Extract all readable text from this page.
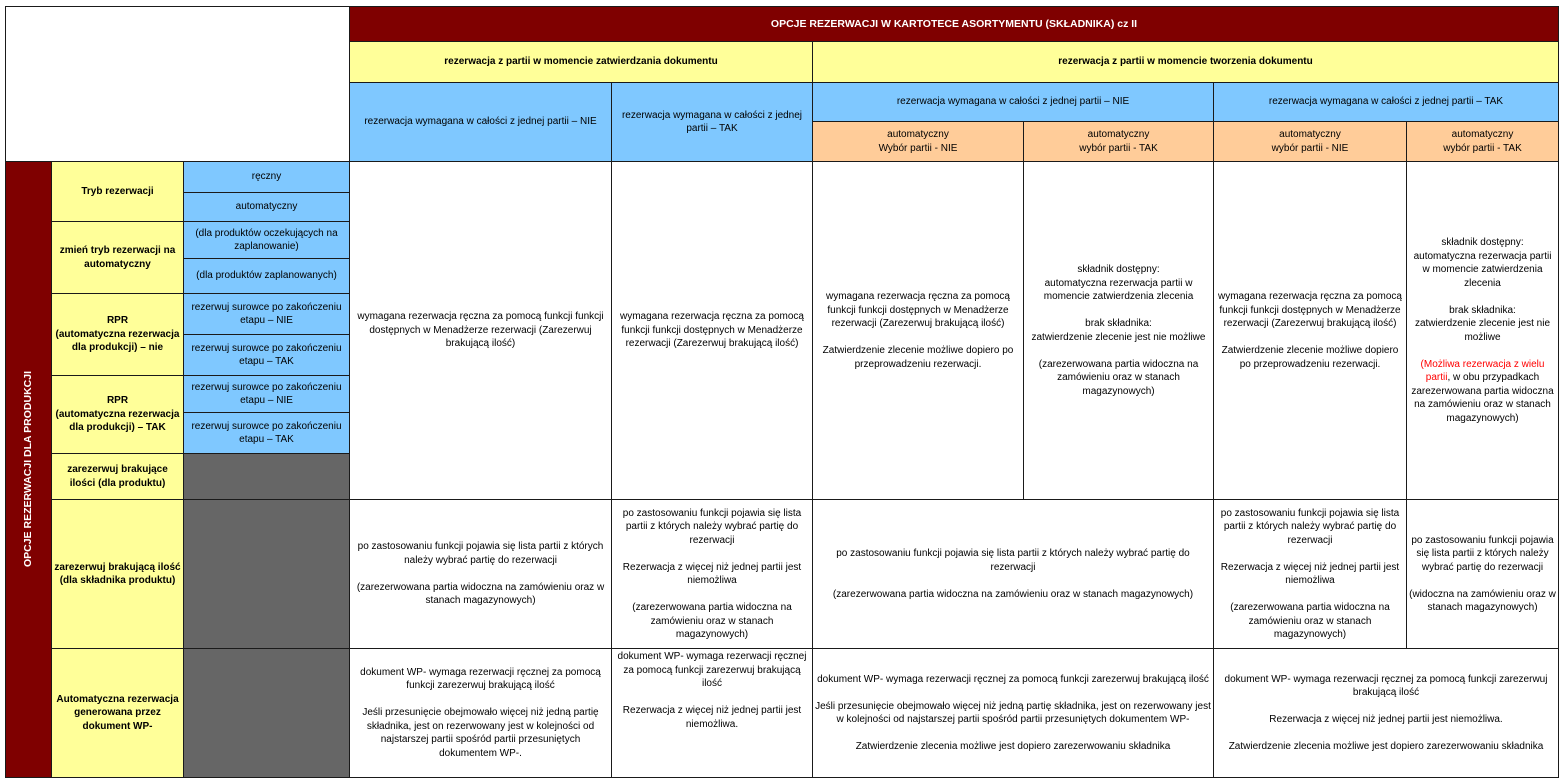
OPCJE REZERWACJI W KARTOTECE ASORTYMENTU (SKŁADNIKA) cz II
rezerwacja z partii w momencie zatwierdzania dokumentu	rezerwacja z partii w momencie tworzenia dokumentu
rezerwacja wymagana w całości z jednej partii – NIE
rezerwacja wymagana w całości z jednej partii – TAK
rezerwacja wymagana w całości z jednej partii – NIE	rezerwacja wymagana w całości z jednej partii – TAK
automatyczny
Wybór partii - NIE
automatyczny
wybór partii - TAK
automatyczny
wybór partii - NIE
automatyczny
wybór partii - TAK
OPCJE REZERWACJI DLA PRODUKCJI
Tryb rezerwacji
zmień tryb rezerwacji na automatyczny
RPR
(automatyczna rezerwacja dla produkcji) – nie
RPR
(automatyczna rezerwacja dla produkcji) – TAK
zarezerwuj brakujące ilości (dla produktu)
zarezerwuj brakującą ilość (dla składnika produktu)
Automatyczna rezerwacja generowana przez dokument WP-
ręczny
automatyczny
(dla produktów oczekujących na zaplanowanie)
(dla produktów zaplanowanych)
rezerwuj surowce po zakończeniu etapu – NIE
rezerwuj surowce po zakończeniu etapu – TAK
rezerwuj surowce po zakończeniu etapu – NIE
rezerwuj surowce po zakończeniu etapu – TAK
wymagana rezerwacja ręczna za pomocą funkcji funkcji dostępnych w Menadżerze rezerwacji (Zarezerwuj brakującą ilość)
wymagana rezerwacja ręczna za pomocą funkcji funkcji dostępnych w Menadżerze rezerwacji (Zarezerwuj brakującą ilość)
wymagana rezerwacja ręczna za pomocą funkcji funkcji dostępnych w Menadżerze rezerwacji (Zarezerwuj brakującą ilość)

Zatwierdzenie zlecenie możliwe dopiero po przeprowadzeniu rezerwacji.
składnik dostępny:
automatyczna rezerwacja partii w momencie zatwierdzenia zlecenia

brak składnika:
zatwierdzenie zlecenie jest nie możliwe

(zarezerwowana partia widoczna na zamówieniu oraz w stanach magazynowych)
wymagana rezerwacja ręczna za pomocą funkcji funkcji dostępnych w Menadżerze rezerwacji (Zarezerwuj brakującą ilość)

Zatwierdzenie zlecenie możliwe dopiero po przeprowadzeniu rezerwacji.
składnik dostępny:
automatyczna rezerwacja partii w momencie zatwierdzenia zlecenia

brak składnika:
zatwierdzenie zlecenie jest nie możliwe

(Możliwa rezerwacja z wielu partii, w obu przypadkach zarezerwowana partia widoczna na zamówieniu oraz w stanach magazynowych)
po zastosowaniu funkcji pojawia się lista partii z których należy wybrać partię do rezerwacji

(zarezerwowana partia widoczna na zamówieniu oraz w stanach magazynowych)
po zastosowaniu funkcji pojawia się lista partii z których należy wybrać partię do rezerwacji

Rezerwacja z więcej niż jednej partii jest niemożliwa

(zarezerwowana partia widoczna na zamówieniu oraz w stanach magazynowych)
po zastosowaniu funkcji pojawia się lista partii z których należy wybrać partię do rezerwacji

(zarezerwowana partia widoczna na zamówieniu oraz w stanach magazynowych)
po zastosowaniu funkcji pojawia się lista partii z których należy wybrać partię do rezerwacji

Rezerwacja z więcej niż jednej partii jest niemożliwa

(zarezerwowana partia widoczna na zamówieniu oraz w stanach magazynowych)
po zastosowaniu funkcji pojawia się lista partii z których należy wybrać partię do rezerwacji

(widoczna na zamówieniu oraz w stanach magazynowych)
dokument WP- wymaga rezerwacji ręcznej za pomocą funkcji zarezerwuj brakującą ilość

Jeśli przesunięcie obejmowało więcej niż jedną partię składnika, jest on rezerwowany jest w kolejności od najstarszej partii spośród partii przesuniętych dokumentem WP-.
dokument WP- wymaga rezerwacji ręcznej za pomocą funkcji zarezerwuj brakującą ilość

Rezerwacja z więcej niż jednej partii jest niemożliwa.
dokument WP- wymaga rezerwacji ręcznej za pomocą funkcji zarezerwuj brakującą ilość

Jeśli przesunięcie obejmowało więcej niż jedną partię składnika, jest on rezerwowany jest w kolejności od najstarszej partii spośród partii przesuniętych dokumentem WP-

Zatwierdzenie zlecenia możliwe jest dopiero zarezerwowaniu składnika
dokument WP- wymaga rezerwacji ręcznej za pomocą funkcji zarezerwuj brakującą ilość

Rezerwacja z więcej niż jednej partii jest niemożliwa.

Zatwierdzenie zlecenia możliwe jest dopiero zarezerwowaniu składnika
